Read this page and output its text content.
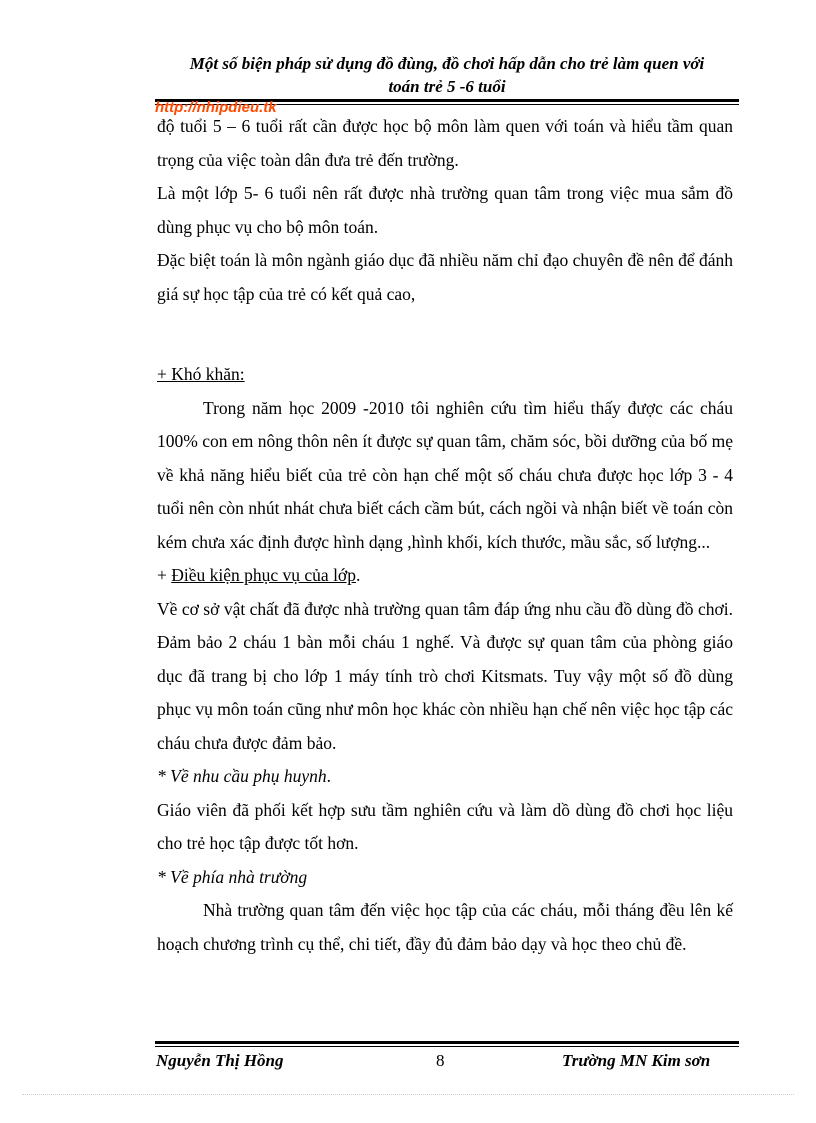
Một số biện pháp sử dụng đồ đùng, đồ chơi hấp dẫn cho trẻ làm quen với
toán trẻ 5 -6 tuổi
http://nhipdieu.tk

độ tuổi 5 – 6 tuổi rất cần được học bộ môn làm quen với toán và hiểu tầm quan trọng của việc toàn dân đưa trẻ đến trường.

Là một lớp 5- 6 tuổi nên rất được nhà trường quan tâm trong việc mua sắm đồ dùng phục vụ cho bộ môn toán.

Đặc biệt toán là môn ngành giáo dục đã nhiều năm chỉ đạo chuyên đề nên để đánh giá sự học tập của trẻ có kết quả cao,

+ Khó khăn:

Trong năm học 2009 -2010 tôi nghiên cứu tìm hiểu thấy được các cháu 100% con em nông thôn nên ít được sự quan tâm, chăm sóc, bồi dưỡng của bố mẹ về khả năng hiểu biết của trẻ còn hạn chế một số cháu chưa được học lớp 3 - 4 tuổi nên còn nhút nhát chưa biết cách cầm bút, cách ngồi và nhận biết về toán còn kém chưa xác định được hình dạng ,hình khối, kích thước, mầu sắc, số lượng...

+ Điều kiện phục vụ của lớp.

Về cơ sở vật chất đã được nhà trường quan tâm đáp ứng nhu cầu đồ dùng đồ chơi. Đảm bảo 2 cháu 1 bàn mỗi cháu 1 nghế. Và được sự quan tâm của phòng giáo dục đã trang bị cho lớp 1 máy tính trò chơi Kitsmats. Tuy vậy một số đồ dùng phục vụ môn toán cũng như môn học khác còn nhiều hạn chế nên việc học tập các cháu chưa được đảm bảo.

* Về nhu cầu phụ huynh.

Giáo viên đã phối kết hợp sưu tầm nghiên cứu và làm dồ dùng đồ chơi học liệu cho trẻ học tập được tốt hơn.

* Về phía nhà trường

Nhà trường quan tâm đến việc học tập của các cháu, mỗi tháng đều lên kế hoạch chương trình cụ thể, chi tiết, đầy đủ đảm bảo dạy và học theo chủ đề.

Nguyễn Thị Hồng	8	Trường MN Kim sơn
